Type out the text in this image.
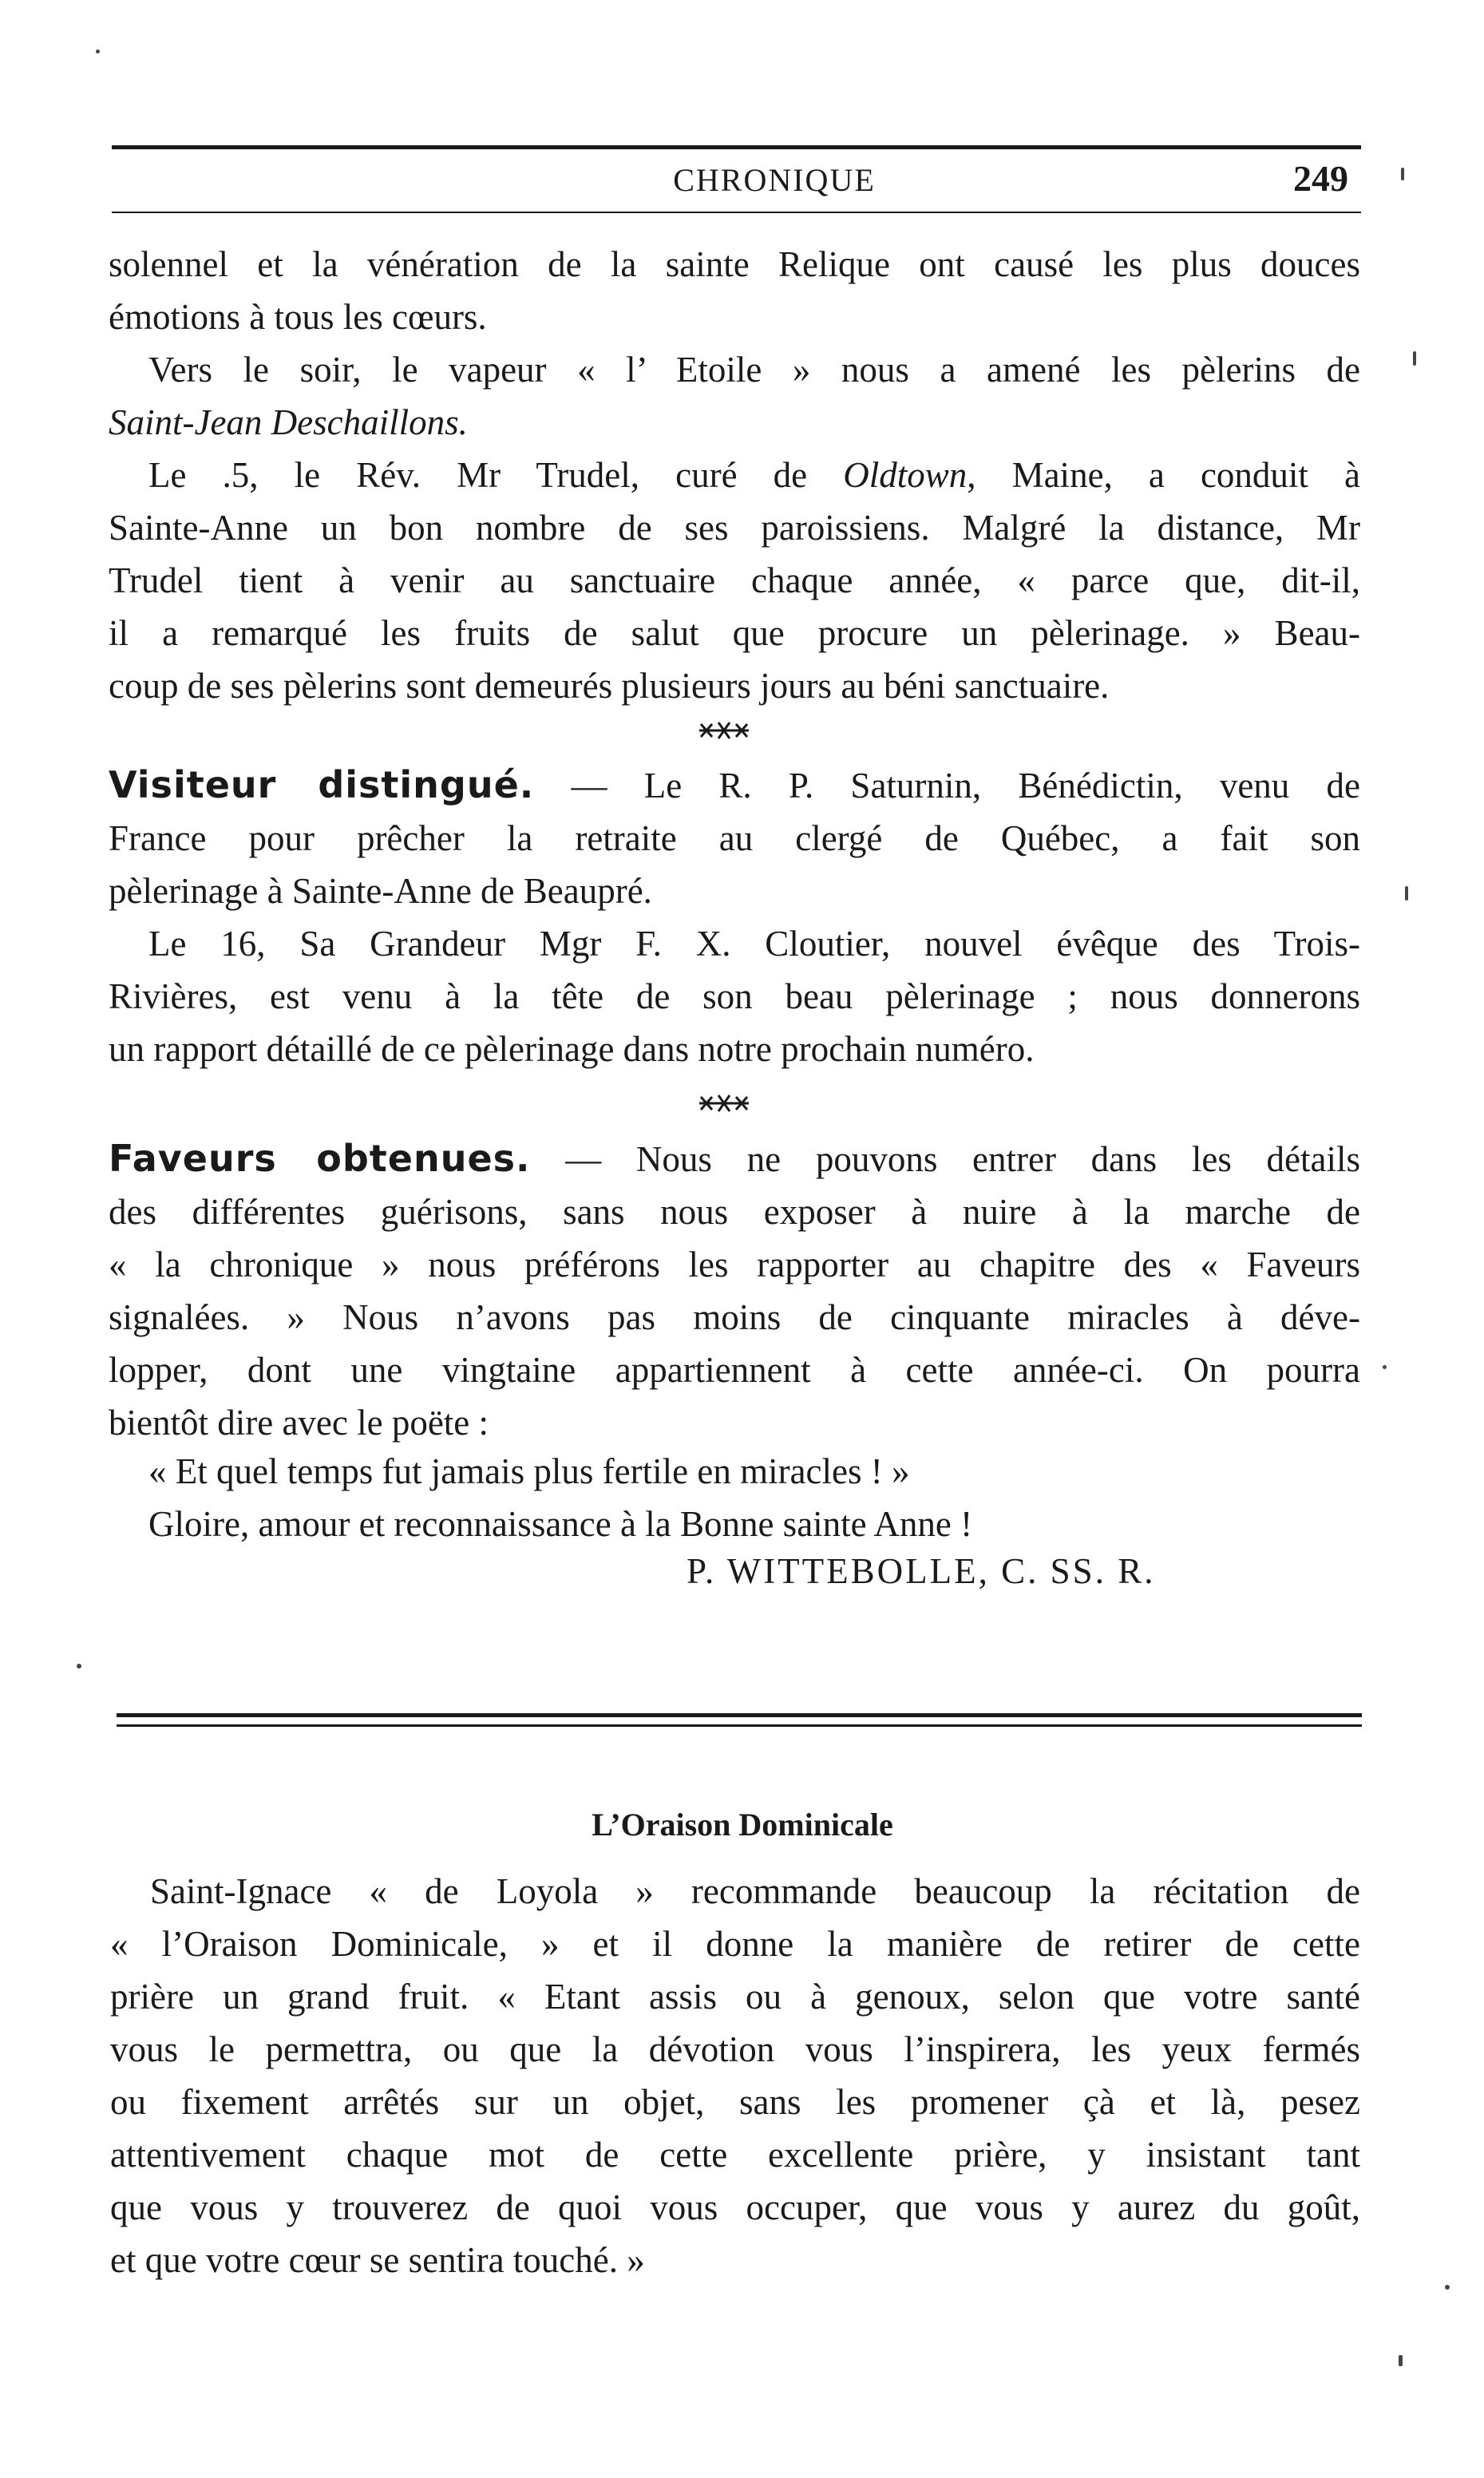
CHRONIQUE	249

solennel et la vénération de la sainte Relique ont causé les plus douces

émotions à tous les cœurs.

Vers le soir, le vapeur « l’ Etoile » nous a amené les pèlerins de

Saint-Jean Deschaillons.

Le .5, le Rév. Mr Trudel, curé de Oldtown, Maine, a conduit à

Sainte-Anne un bon nombre de ses paroissiens. Malgré la distance, Mr

Trudel tient à venir au sanctuaire chaque année, « parce que, dit-il,

il a remarqué les fruits de salut que procure un pèlerinage. » Beau-

coup de ses pèlerins sont demeurés plusieurs jours au béni sanctuaire.

Visiteur distingué. — Le R. P. Saturnin, Bénédictin, venu de

France pour prêcher la retraite au clergé de Québec, a fait son

pèlerinage à Sainte-Anne de Beaupré.

Le 16, Sa Grandeur Mgr F. X. Cloutier, nouvel évêque des Trois-

Rivières, est venu à la tête de son beau pèlerinage ; nous donnerons

un rapport détaillé de ce pèlerinage dans notre prochain numéro.

Faveurs obtenues. — Nous ne pouvons entrer dans les détails

des différentes guérisons, sans nous exposer à nuire à la marche de

« la chronique » nous préférons les rapporter au chapitre des « Faveurs

signalées. » Nous n’avons pas moins de cinquante miracles à déve-

lopper, dont une vingtaine appartiennent à cette année-ci. On pourra

bientôt dire avec le poëte :

« Et quel temps fut jamais plus fertile en miracles ! »

Gloire, amour et reconnaissance à la Bonne sainte Anne !

P. WITTEBOLLE, C. SS. R.
L’Oraison Dominicale

Saint-Ignace « de Loyola » recommande beaucoup la récitation de

« l’Oraison Dominicale, » et il donne la manière de retirer de cette

prière un grand fruit. « Etant assis ou à genoux, selon que votre santé

vous le permettra, ou que la dévotion vous l’inspirera, les yeux fermés

ou fixement arrêtés sur un objet, sans les promener çà et là, pesez

attentivement chaque mot de cette excellente prière, y insistant tant

que vous y trouverez de quoi vous occuper, que vous y aurez du goût,

et que votre cœur se sentira touché. »
